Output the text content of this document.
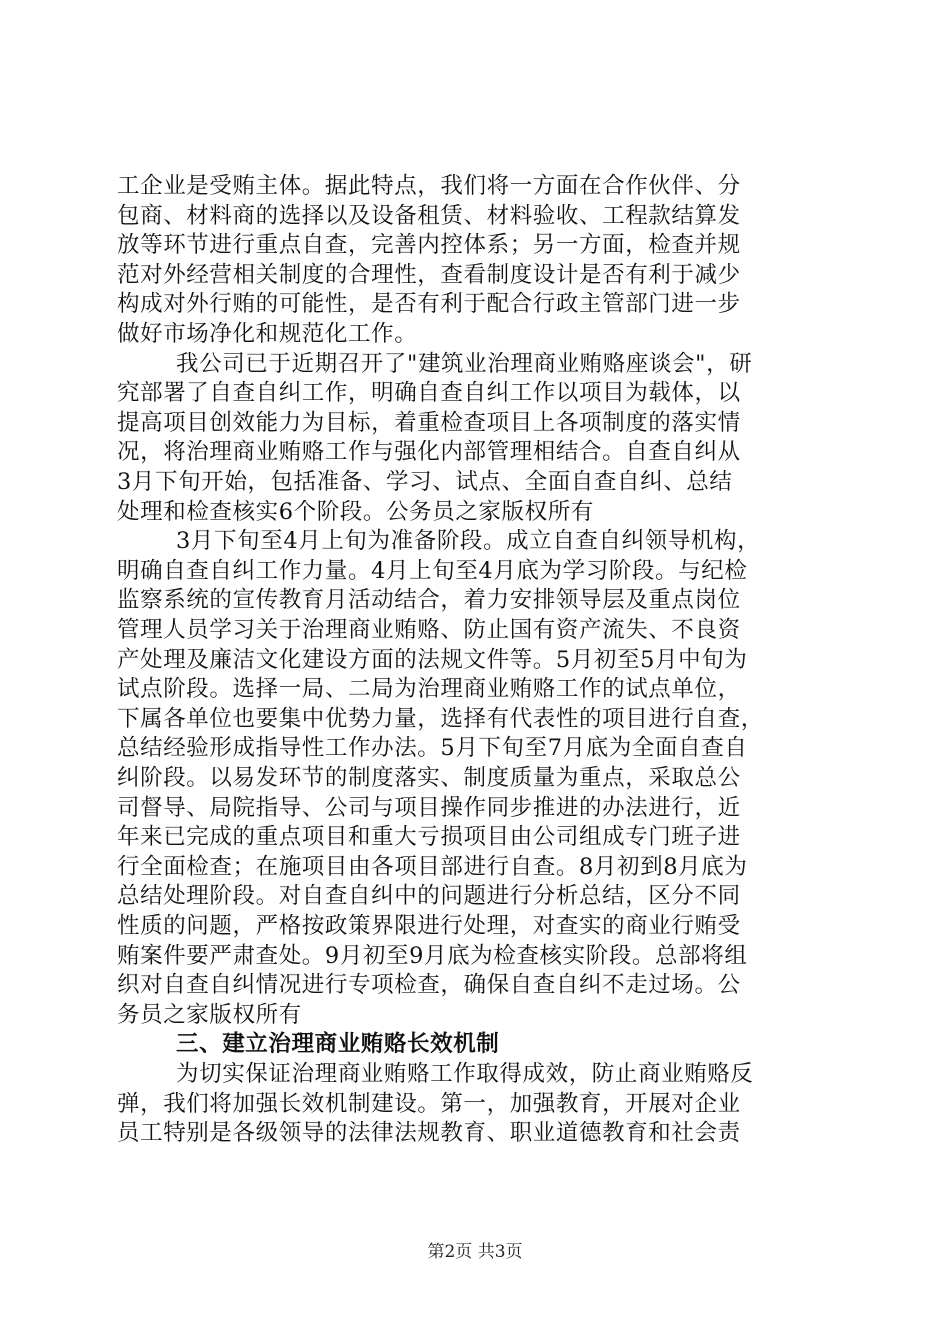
工企业是受贿主体。据此特点，我们将一方面在合作伙伴、分
包商、材料商的选择以及设备租赁、材料验收、工程款结算发
放等环节进行重点自查，完善内控体系；另一方面，检查并规
范对外经营相关制度的合理性，查看制度设计是否有利于减少
构成对外行贿的可能性，是否有利于配合行政主管部门进一步
做好市场净化和规范化工作。
我公司已于近期召开了"建筑业治理商业贿赂座谈会"，研
究部署了自查自纠工作，明确自查自纠工作以项目为载体，以
提高项目创效能力为目标，着重检查项目上各项制度的落实情
况，将治理商业贿赂工作与强化内部管理相结合。自查自纠从
3月下旬开始，包括准备、学习、试点、全面自查自纠、总结
处理和检查核实6个阶段。公务员之家版权所有
3月下旬至4月上旬为准备阶段。成立自查自纠领导机构，
明确自查自纠工作力量。4月上旬至4月底为学习阶段。与纪检
监察系统的宣传教育月活动结合，着力安排领导层及重点岗位
管理人员学习关于治理商业贿赂、防止国有资产流失、不良资
产处理及廉洁文化建设方面的法规文件等。5月初至5月中旬为
试点阶段。选择一局、二局为治理商业贿赂工作的试点单位，
下属各单位也要集中优势力量，选择有代表性的项目进行自查，
总结经验形成指导性工作办法。5月下旬至7月底为全面自查自
纠阶段。以易发环节的制度落实、制度质量为重点，采取总公
司督导、局院指导、公司与项目操作同步推进的办法进行，近
年来已完成的重点项目和重大亏损项目由公司组成专门班子进
行全面检查；在施项目由各项目部进行自查。8月初到8月底为
总结处理阶段。对自查自纠中的问题进行分析总结，区分不同
性质的问题，严格按政策界限进行处理，对查实的商业行贿受
贿案件要严肃查处。9月初至9月底为检查核实阶段。总部将组
织对自查自纠情况进行专项检查，确保自查自纠不走过场。公
务员之家版权所有
三、建立治理商业贿赂长效机制
为切实保证治理商业贿赂工作取得成效，防止商业贿赂反
弹，我们将加强长效机制建设。第一，加强教育，开展对企业
员工特别是各级领导的法律法规教育、职业道德教育和社会责
第2页 共3页
